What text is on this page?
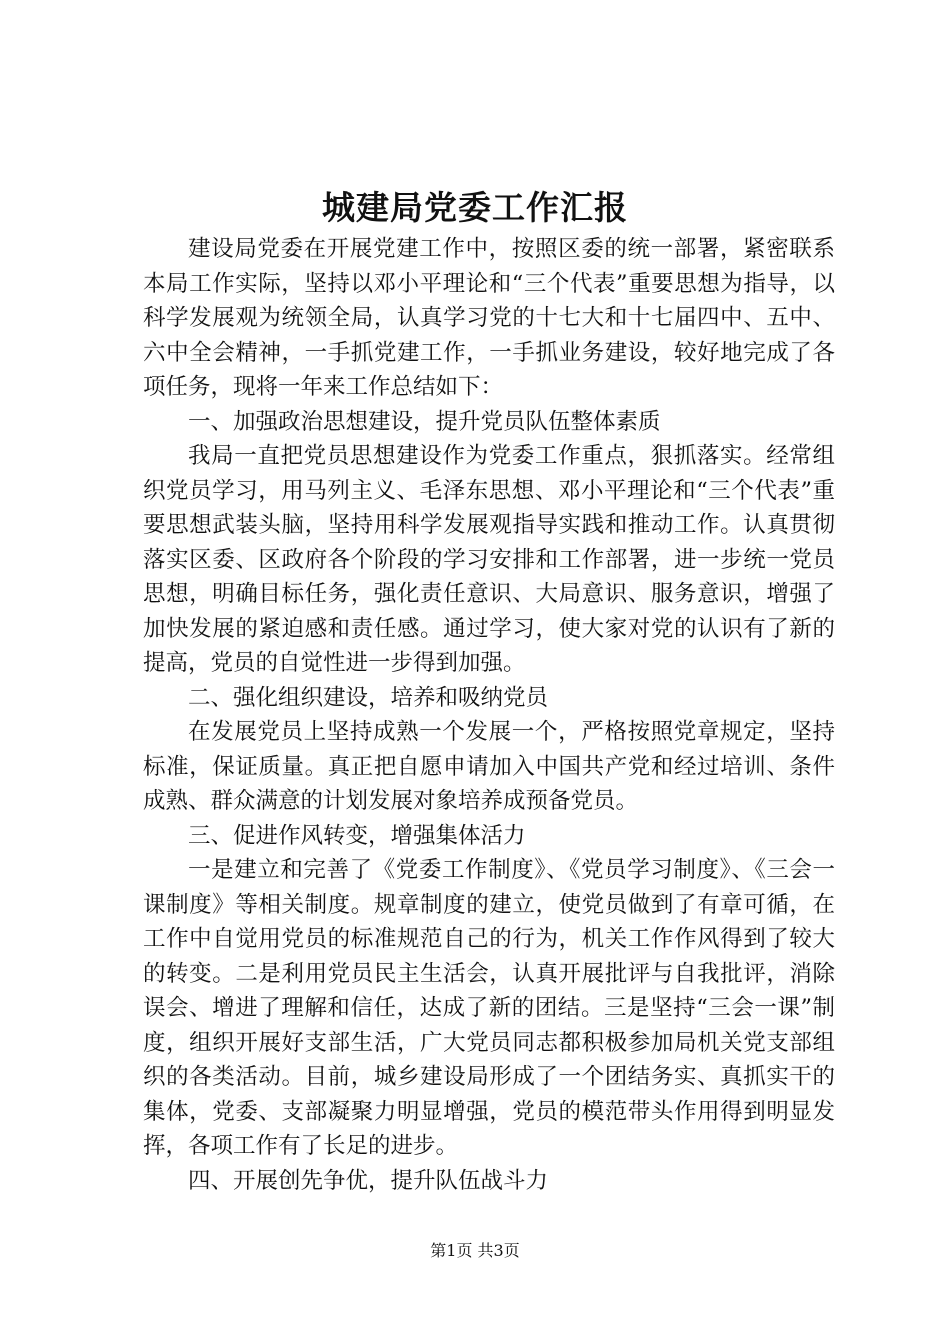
城建局党委工作汇报

建设局党委在开展党建工作中，按照区委的统一部署，紧密联系本局工作实际，坚持以邓小平理论和“三个代表”重要思想为指导，以科学发展观为统领全局，认真学习党的十七大和十七届四中、五中、六中全会精神，一手抓党建工作，一手抓业务建设，较好地完成了各项任务，现将一年来工作总结如下：

一、加强政治思想建设，提升党员队伍整体素质

我局一直把党员思想建设作为党委工作重点，狠抓落实。经常组织党员学习，用马列主义、毛泽东思想、邓小平理论和“三个代表”重要思想武装头脑，坚持用科学发展观指导实践和推动工作。认真贯彻落实区委、区政府各个阶段的学习安排和工作部署，进一步统一党员思想，明确目标任务，强化责任意识、大局意识、服务意识，增强了加快发展的紧迫感和责任感。通过学习，使大家对党的认识有了新的提高，党员的自觉性进一步得到加强。

二、强化组织建设，培养和吸纳党员

在发展党员上坚持成熟一个发展一个，严格按照党章规定，坚持标准，保证质量。真正把自愿申请加入中国共产党和经过培训、条件成熟、群众满意的计划发展对象培养成预备党员。

三、促进作风转变，增强集体活力

一是建立和完善了《党委工作制度》、《党员学习制度》、《三会一课制度》等相关制度。规章制度的建立，使党员做到了有章可循，在工作中自觉用党员的标准规范自己的行为，机关工作作风得到了较大的转变。二是利用党员民主生活会，认真开展批评与自我批评，消除误会、增进了理解和信任，达成了新的团结。三是坚持“三会一课”制度，组织开展好支部生活，广大党员同志都积极参加局机关党支部组织的各类活动。目前，城乡建设局形成了一个团结务实、真抓实干的集体，党委、支部凝聚力明显增强，党员的模范带头作用得到明显发挥，各项工作有了长足的进步。

四、开展创先争优，提升队伍战斗力

第1页 共3页
